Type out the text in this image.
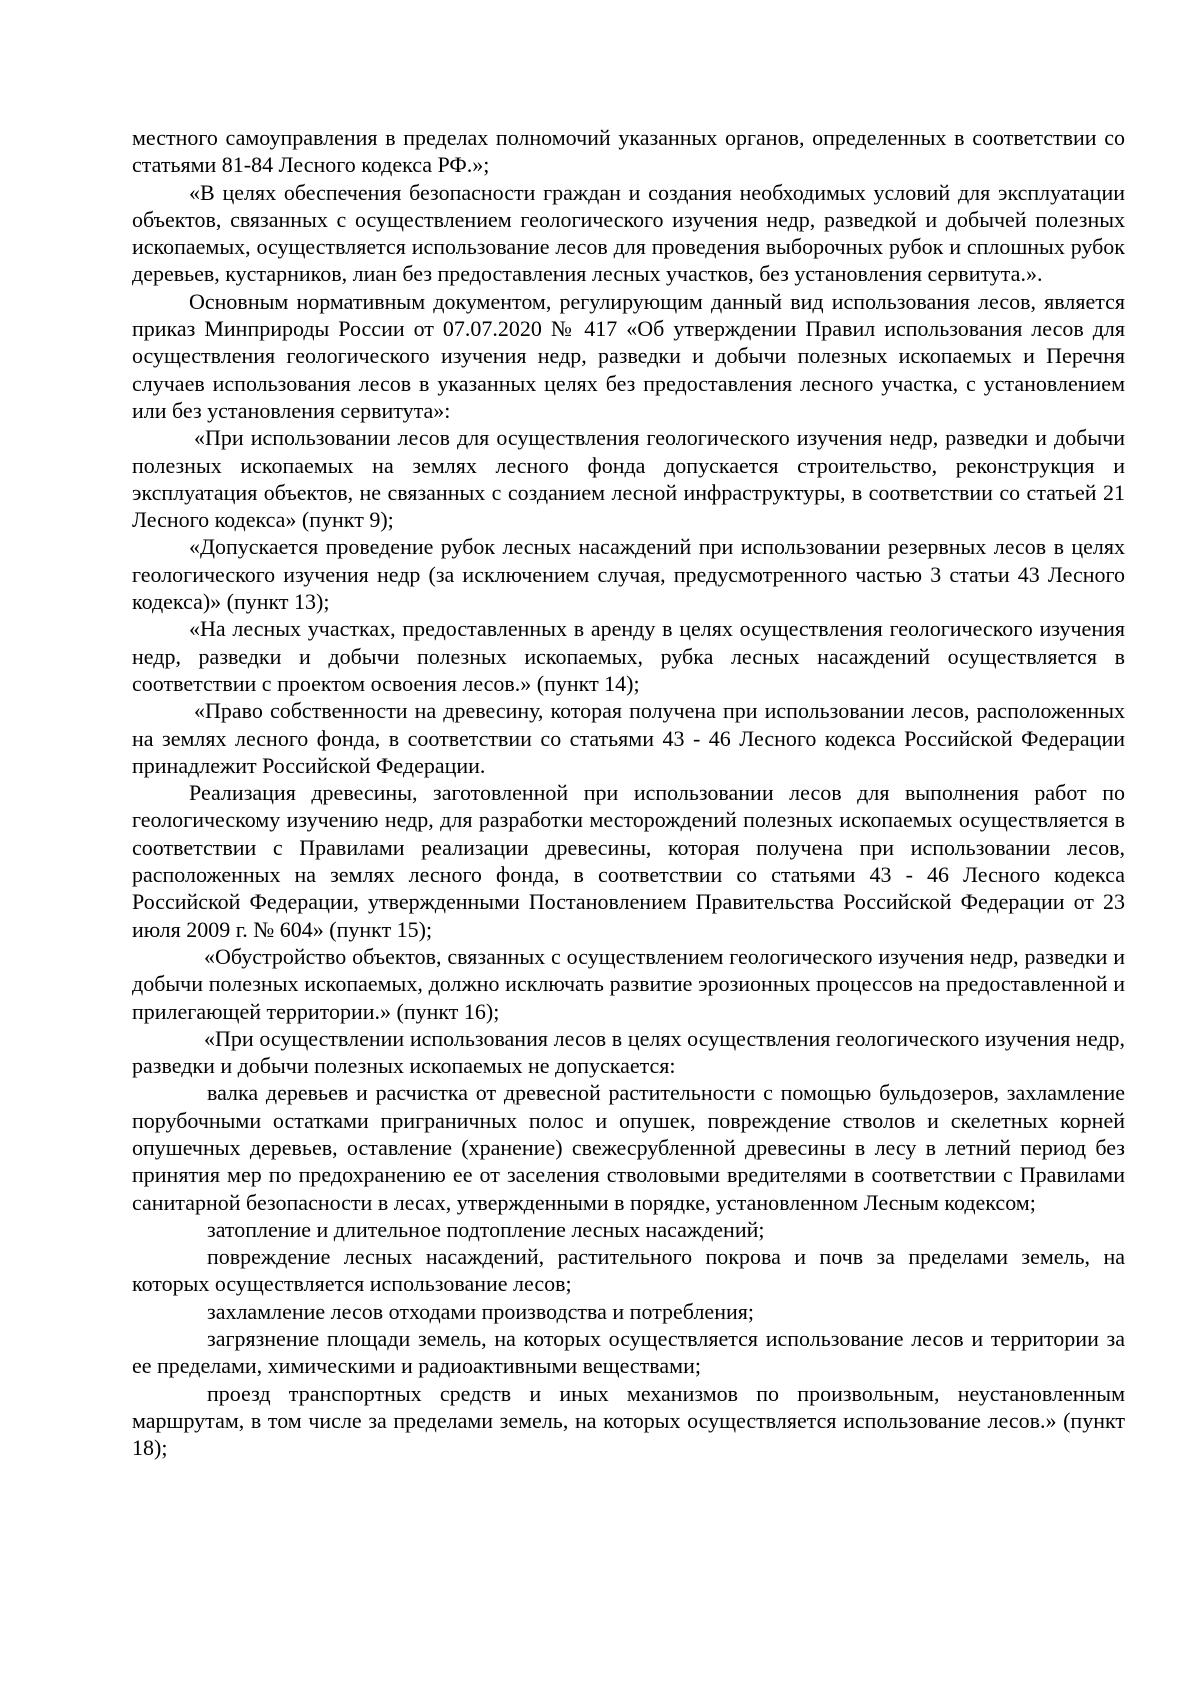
местного самоуправления в пределах полномочий указанных органов, определенных в соответствии со статьями 81-84 Лесного кодекса РФ.»;

«В целях обеспечения безопасности граждан и создания необходимых условий для эксплуатации объектов, связанных с осуществлением геологического изучения недр, разведкой и добычей полезных ископаемых, осуществляется использование лесов для проведения выборочных рубок и сплошных рубок деревьев, кустарников, лиан без предоставления лесных участков, без установления сервитута.».

Основным нормативным документом, регулирующим данный вид использования лесов, является приказ Минприроды России от 07.07.2020 № 417 «Об утверждении Правил использования лесов для осуществления геологического изучения недр, разведки и добычи полезных ископаемых и Перечня случаев использования лесов в указанных целях без предоставления лесного участка, с установлением или без установления сервитута»:

«При использовании лесов для осуществления геологического изучения недр, разведки и добычи полезных ископаемых на землях лесного фонда допускается строительство, реконструкция и эксплуатация объектов, не связанных с созданием лесной инфраструктуры, в соответствии со статьей 21 Лесного кодекса» (пункт 9);

«Допускается проведение рубок лесных насаждений при использовании резервных лесов в целях геологического изучения недр (за исключением случая, предусмотренного частью 3 статьи 43 Лесного кодекса)» (пункт 13);

«На лесных участках, предоставленных в аренду в целях осуществления геологического изучения недр, разведки и добычи полезных ископаемых, рубка лесных насаждений осуществляется в соответствии с проектом освоения лесов.» (пункт 14);

«Право собственности на древесину, которая получена при использовании лесов, расположенных на землях лесного фонда, в соответствии со статьями 43 - 46 Лесного кодекса Российской Федерации принадлежит Российской Федерации.

Реализация древесины, заготовленной при использовании лесов для выполнения работ по геологическому изучению недр, для разработки месторождений полезных ископаемых осуществляется в соответствии с Правилами реализации древесины, которая получена при использовании лесов, расположенных на землях лесного фонда, в соответствии со статьями 43 - 46 Лесного кодекса Российской Федерации, утвержденными Постановлением Правительства Российской Федерации от 23 июля 2009 г. № 604» (пункт 15);

«Обустройство объектов, связанных с осуществлением геологического изучения недр, разведки и добычи полезных ископаемых, должно исключать развитие эрозионных процессов на предоставленной и прилегающей территории.» (пункт 16);

«При осуществлении использования лесов в целях осуществления геологического изучения недр, разведки и добычи полезных ископаемых не допускается:

валка деревьев и расчистка от древесной растительности с помощью бульдозеров, захламление порубочными остатками приграничных полос и опушек, повреждение стволов и скелетных корней опушечных деревьев, оставление (хранение) свежесрубленной древесины в лесу в летний период без принятия мер по предохранению ее от заселения стволовыми вредителями в соответствии с Правилами санитарной безопасности в лесах, утвержденными в порядке, установленном Лесным кодексом;

затопление и длительное подтопление лесных насаждений;

повреждение лесных насаждений, растительного покрова и почв за пределами земель, на которых осуществляется использование лесов;

захламление лесов отходами производства и потребления;

загрязнение площади земель, на которых осуществляется использование лесов и территории за ее пределами, химическими и радиоактивными веществами;

проезд транспортных средств и иных механизмов по произвольным, неустановленным маршрутам, в том числе за пределами земель, на которых осуществляется использование лесов.» (пункт 18);
